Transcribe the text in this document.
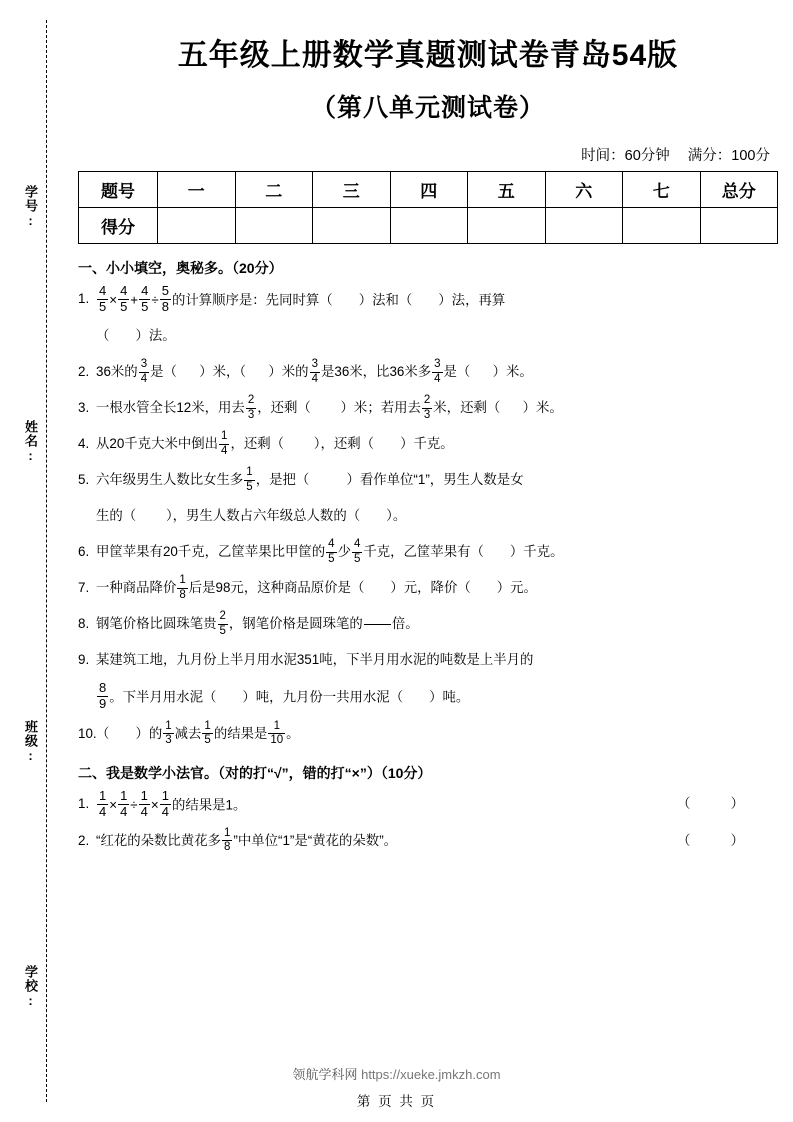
学号:
姓名:
班级:
学校:
五年级上册数学真题测试卷青岛54版
（第八单元测试卷）
时间：60分钟 满分：100分
题号	一	二	三	四	五	六	七	总分
得分								
一、小小填空，奥秘多。（20分）
1. $\frac{4}{5} \times \frac{4}{5} + \frac{4}{5} \div \frac{5}{8}$ 的计算顺序是：先同时算（ ）法和（ ）法，再算
（ ）法。
2. 36米的 $\frac{3}{4}$ 是（ ）米，（ ）米的 $\frac{3}{4}$ 是36米，比36米多 $\frac{3}{4}$ 是（ ）米。
3. 一根水管全长12米，用去 $\frac{2}{3}$ ，还剩（ ）米；若用去 $\frac{2}{3}$ 米，还剩（ ）米。
4. 从20千克大米中倒出 $\frac{1}{4}$ ，还剩（ ），还剩（ ）千克。
5. 六年级男生人数比女生多 $\frac{1}{5}$ ，是把（	）看作单位“1”，男生人数是女
生的（ ），男生人数占六年级总人数的（ ）。
6. 甲筐苹果有20千克，乙筐苹果比甲筐的 $\frac{4}{5}$ 少 $\frac{4}{5}$ 千克，乙筐苹果有（ ）千克。
7. 一种商品降价 $\frac{1}{8}$ 后是98元，这种商品原价是（ ）元，降价（ ）元。
8. 钢笔价格比圆珠笔贵 $\frac{2}{5}$ ，钢笔价格是圆珠笔的

　　 倍。
9. 某建筑工地，九月份上半月用水泥351吨，下半月用水泥的吨数是上半月的
$\frac{8}{9}$ 。下半月用水泥（ ）吨，九月份一共用水泥（ ）吨。
10. （ ）的 $\frac{1}{3}$ 减去 $\frac{1}{5}$ 的结果是 $\frac{1}{10}$ 。
二、我是数学小法官。（对的打“√”，错的打“×”）（10分）
1.	（　　　）
$\frac{1}{4} \times \frac{1}{4} \div \frac{1}{4} \times \frac{1}{4}$ 的结果是1。
2.	（　　　）
“红花的朵数比黄花多 $\frac{1}{8}$ ”中单位“1”是“黄花的朵数”。
领航学科网 https://xueke.jmkzh.com
第 页 共 页
